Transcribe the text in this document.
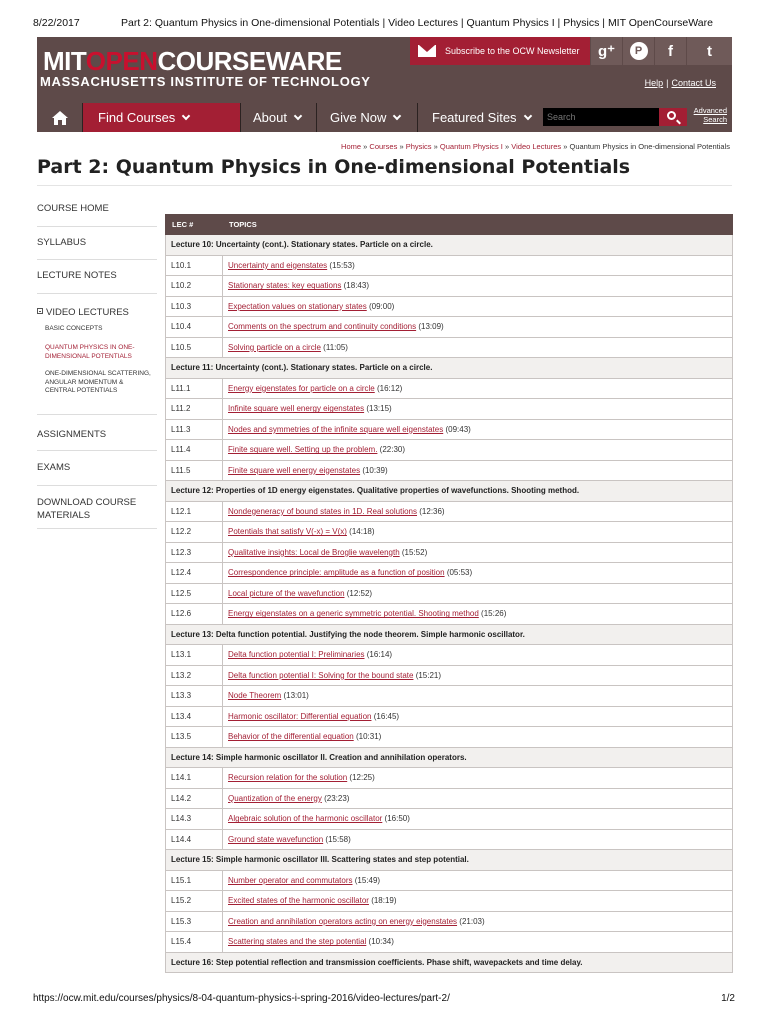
8/22/2017	Part 2: Quantum Physics in One-dimensional Potentials | Video Lectures | Quantum Physics I | Physics | MIT OpenCourseWare
MITOPENCOURSEWARE
MASSACHUSETTS INSTITUTE OF TECHNOLOGY
Subscribe to the OCW Newsletter g⁺	P	f t
Help | Contact Us
Find Courses	About	Give Now	Featured Sites
Search	Advanced Search
Home » Courses » Physics » Quantum Physics I » Video Lectures » Quantum Physics in One-dimensional Potentials
Part 2: Quantum Physics in One-dimensional Potentials
COURSE HOME
SYLLABUS
LECTURE NOTES
VIDEO LECTURES
BASIC CONCEPTS
QUANTUM PHYSICS IN ONE-DIMENSIONAL POTENTIALS
ONE-DIMENSIONAL SCATTERING, ANGULAR MOMENTUM & CENTRAL POTENTIALS
ASSIGNMENTS
EXAMS
DOWNLOAD COURSE MATERIALS
LEC #	TOPICS
Lecture 10: Uncertainty (cont.). Stationary states. Particle on a circle.	
L10.1	Uncertainty and eigenstates (15:53)
L10.2	Stationary states: key equations (18:43)
L10.3	Expectation values on stationary states (09:00)
L10.4	Comments on the spectrum and continuity conditions (13:09)
L10.5	Solving particle on a circle (11:05)
Lecture 11: Uncertainty (cont.). Stationary states. Particle on a circle.	
L11.1	Energy eigenstates for particle on a circle (16:12)
L11.2	Infinite square well energy eigenstates (13:15)
L11.3	Nodes and symmetries of the infinite square well eigenstates (09:43)
L11.4	Finite square well. Setting up the problem. (22:30)
L11.5	Finite square well energy eigenstates (10:39)
Lecture 12: Properties of 1D energy eigenstates. Qualitative properties of wavefunctions. Shooting method.	
L12.1	Nondegeneracy of bound states in 1D. Real solutions (12:36)
L12.2	Potentials that satisfy V(-x) = V(x) (14:18)
L12.3	Qualitative insights: Local de Broglie wavelength (15:52)
L12.4	Correspondence principle: amplitude as a function of position (05:53)
L12.5	Local picture of the wavefunction (12:52)
L12.6	Energy eigenstates on a generic symmetric potential. Shooting method (15:26)
Lecture 13: Delta function potential. Justifying the node theorem. Simple harmonic oscillator.	
L13.1	Delta function potential I: Preliminaries (16:14)
L13.2	Delta function potential I: Solving for the bound state (15:21)
L13.3	Node Theorem (13:01)
L13.4	Harmonic oscillator: Differential equation (16:45)
L13.5	Behavior of the differential equation (10:31)
Lecture 14: Simple harmonic oscillator II. Creation and annihilation operators.	
L14.1	Recursion relation for the solution (12:25)
L14.2	Quantization of the energy (23:23)
L14.3	Algebraic solution of the harmonic oscillator (16:50)
L14.4	Ground state wavefunction (15:58)
Lecture 15: Simple harmonic oscillator III. Scattering states and step potential.	
L15.1	Number operator and commutators (15:49)
L15.2	Excited states of the harmonic oscillator (18:19)
L15.3	Creation and annihilation operators acting on energy eigenstates (21:03)
L15.4	Scattering states and the step potential (10:34)
Lecture 16: Step potential reflection and transmission coefficients. Phase shift, wavepackets and time delay.	
https://ocw.mit.edu/courses/physics/8-04-quantum-physics-i-spring-2016/video-lectures/part-2/	1/2
